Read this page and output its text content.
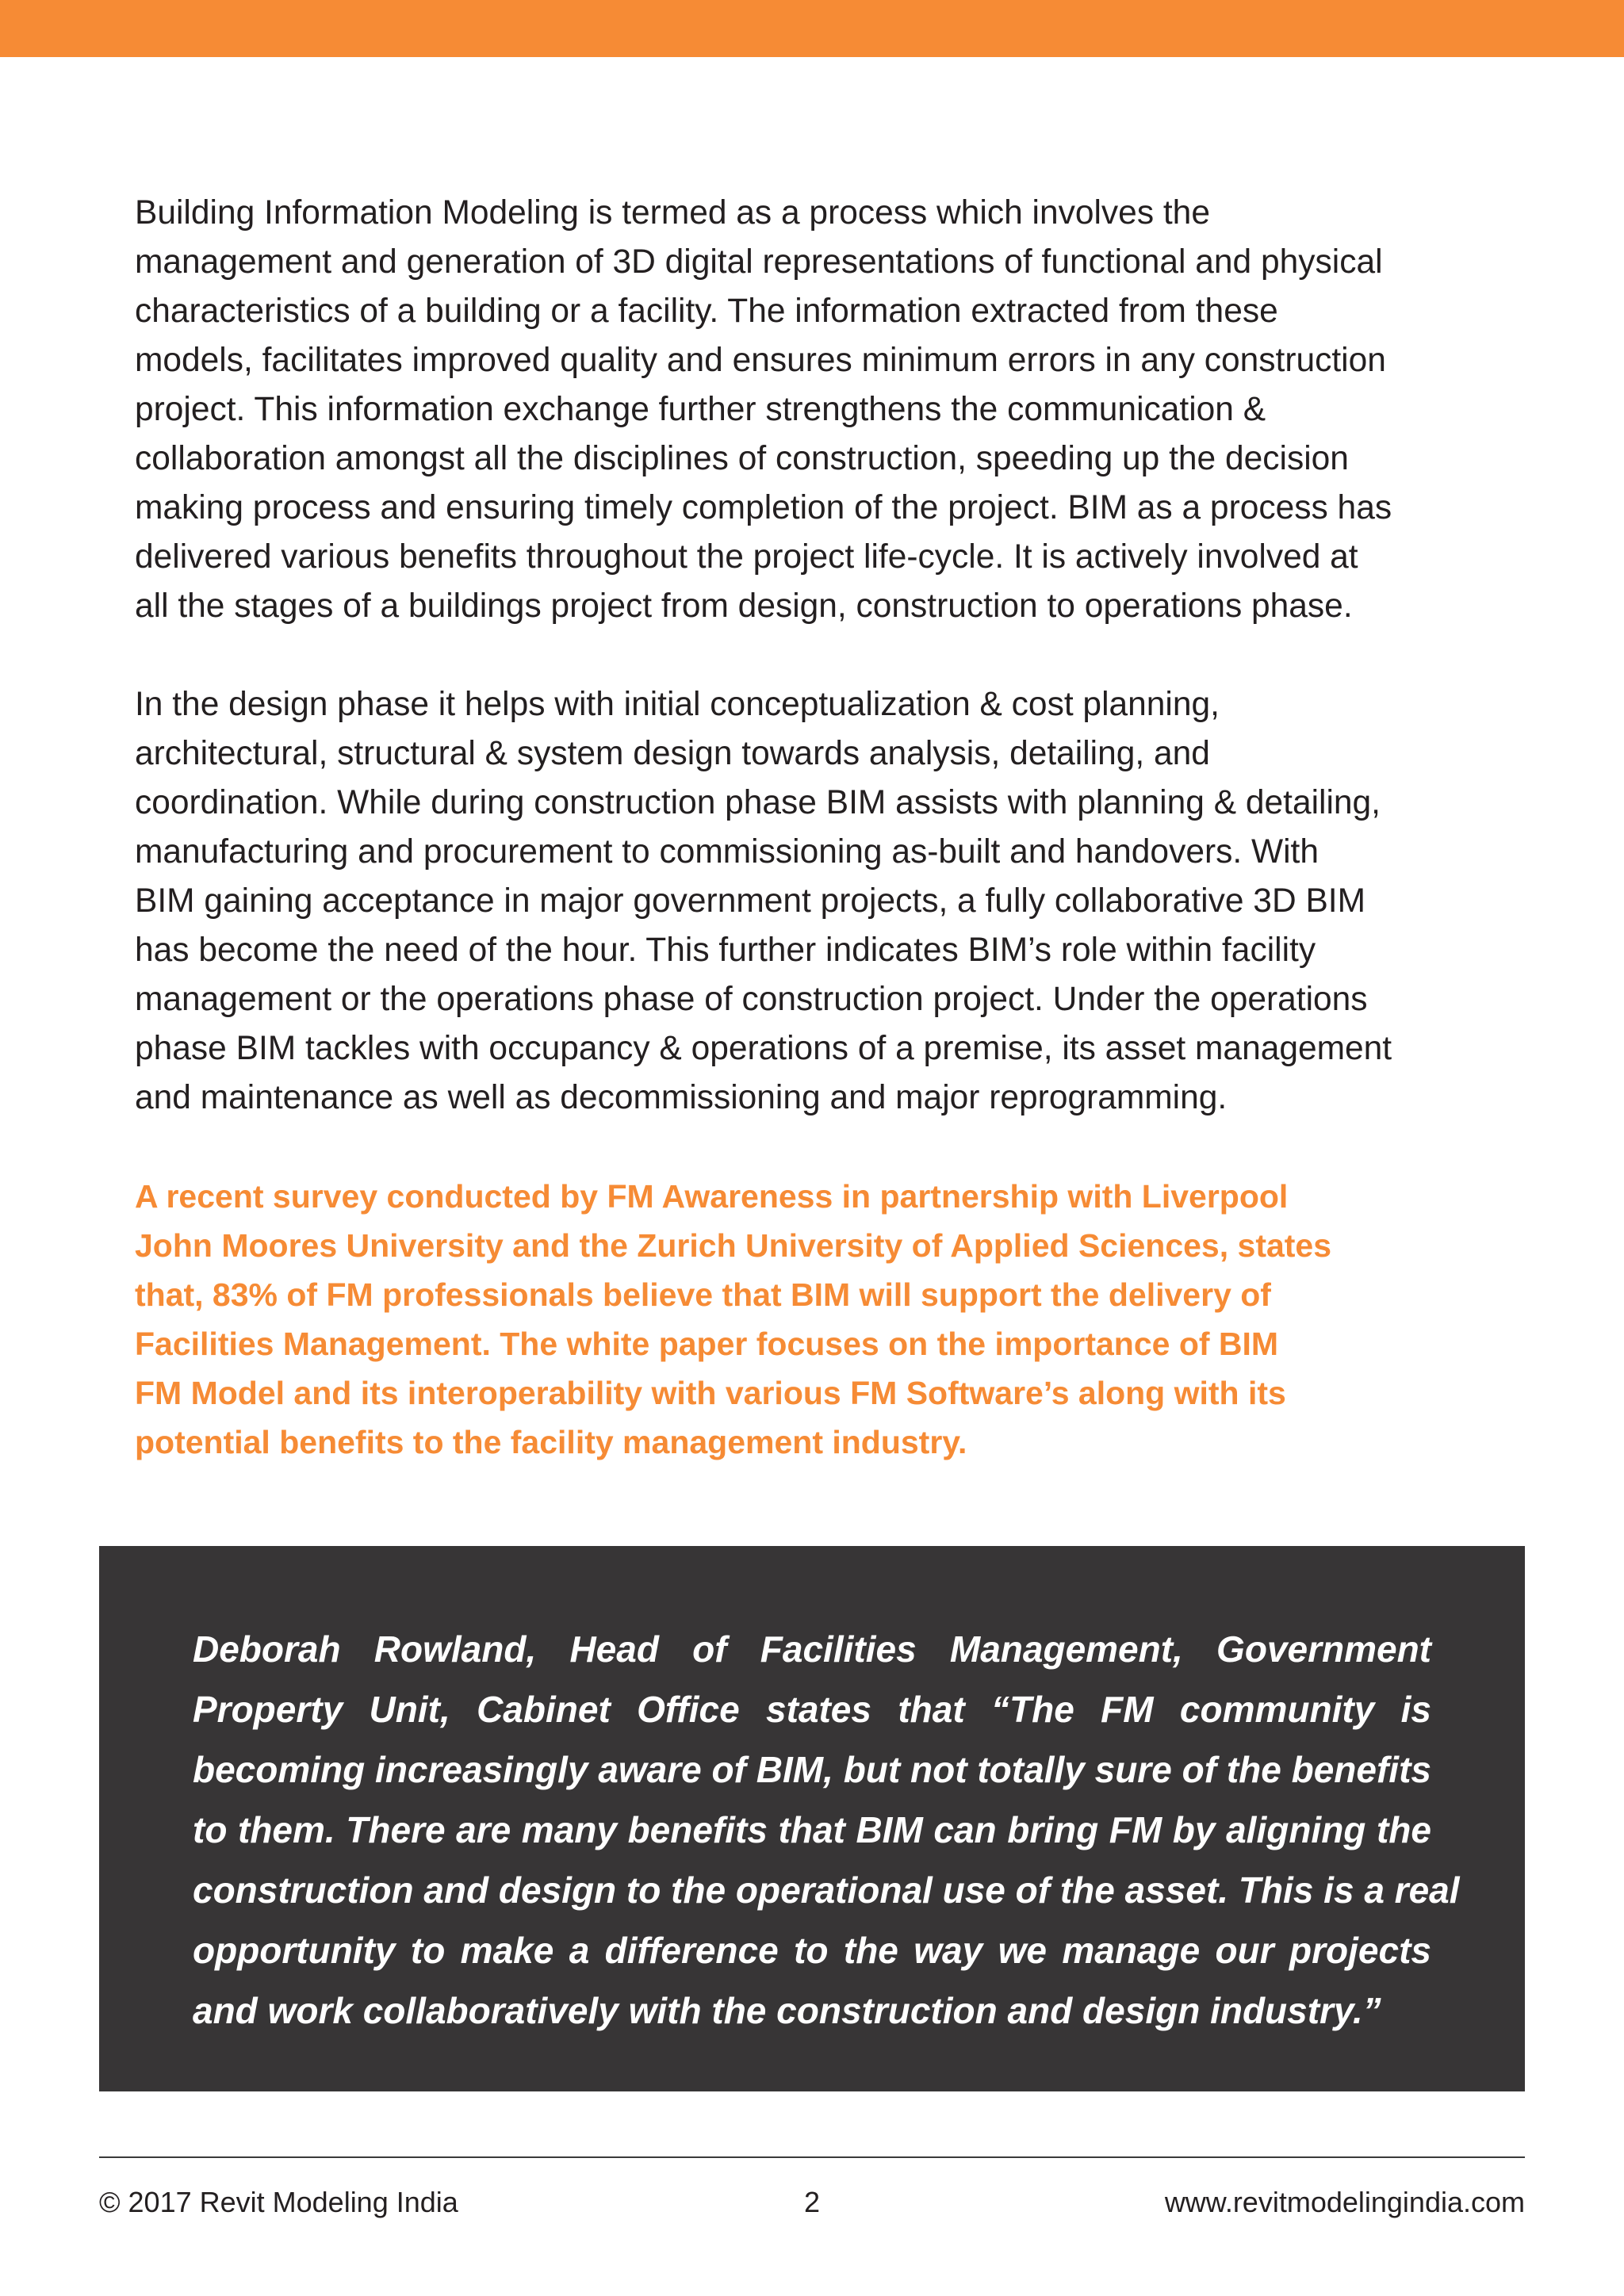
Building Information Modeling is termed as a process which involves the
management and generation of 3D digital representations of functional and physical
characteristics of a building or a facility. The information extracted from these
models, facilitates improved quality and ensures minimum errors in any construction
project. This information exchange further strengthens the communication &
collaboration amongst all the disciplines of construction, speeding up the decision
making process and ensuring timely completion of the project. BIM as a process has
delivered various benefits throughout the project life-cycle. It is actively involved at
all the stages of a buildings project from design, construction to operations phase.

In the design phase it helps with initial conceptualization & cost planning,
architectural, structural & system design towards analysis, detailing, and
coordination. While during construction phase BIM assists with planning & detailing,
manufacturing and procurement to commissioning as-built and handovers. With
BIM gaining acceptance in major government projects, a fully collaborative 3D BIM
has become the need of the hour. This further indicates BIM’s role within facility
management or the operations phase of construction project. Under the operations
phase BIM tackles with occupancy & operations of a premise, its asset management
and maintenance as well as decommissioning and major reprogramming.

A recent survey conducted by FM Awareness in partnership with Liverpool
John Moores University and the Zurich University of Applied Sciences, states
that, 83% of FM professionals believe that BIM will support the delivery of
Facilities Management. The white paper focuses on the importance of BIM
FM Model and its interoperability with various FM Software’s along with its
potential benefits to the facility management industry.

Deborah Rowland, Head of Facilities Management, Government
Property Unit, Cabinet Office states that “The FM community is
becoming increasingly aware of BIM, but not totally sure of the benefits
to them. There are many benefits that BIM can bring FM by aligning the
construction and design to the operational use of the asset. This is a real
opportunity to make a difference to the way we manage our projects
and work collaboratively with the construction and design industry.”

© 2017 Revit Modeling India	2	www.revitmodelingindia.com
